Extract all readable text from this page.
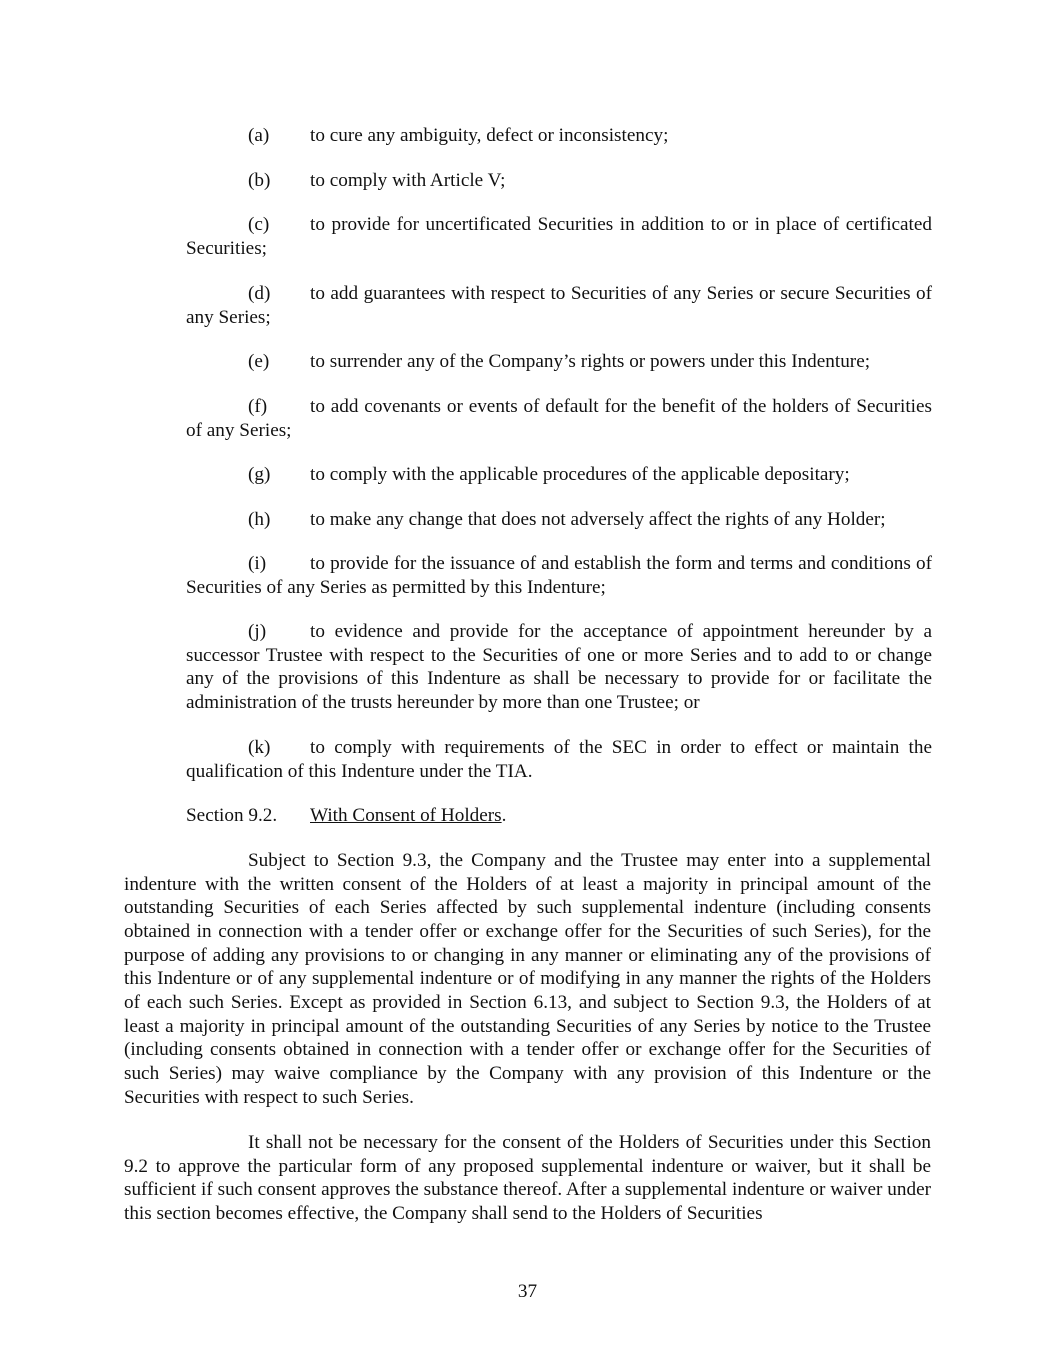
(a) to cure any ambiguity, defect or inconsistency;

(b) to comply with Article V;

(c) to provide for uncertificated Securities in addition to or in place of certificated Securities;

(d) to add guarantees with respect to Securities of any Series or secure Securities of any Series;

(e) to surrender any of the Company’s rights or powers under this Indenture;

(f) to add covenants or events of default for the benefit of the holders of Securities of any Series;

(g) to comply with the applicable procedures of the applicable depositary;

(h) to make any change that does not adversely affect the rights of any Holder;

(i) to provide for the issuance of and establish the form and terms and conditions of Securities of any Series as permitted by this Indenture;

(j) to evidence and provide for the acceptance of appointment hereunder by a successor Trustee with respect to the Securities of one or more Series and to add to or change any of the provisions of this Indenture as shall be necessary to provide for or facilitate the administration of the trusts hereunder by more than one Trustee; or

(k) to comply with requirements of the SEC in order to effect or maintain the qualification of this Indenture under the TIA.

Section 9.2. With Consent of Holders.

Subject to Section 9.3, the Company and the Trustee may enter into a supplemental indenture with the written consent of the Holders of at least a majority in principal amount of the outstanding Securities of each Series affected by such supplemental indenture (including consents obtained in connection with a tender offer or exchange offer for the Securities of such Series), for the purpose of adding any provisions to or changing in any manner or eliminating any of the provisions of this Indenture or of any supplemental indenture or of modifying in any manner the rights of the Holders of each such Series. Except as provided in Section 6.13, and subject to Section 9.3, the Holders of at least a majority in principal amount of the outstanding Securities of any Series by notice to the Trustee (including consents obtained in connection with a tender offer or exchange offer for the Securities of such Series) may waive compliance by the Company with any provision of this Indenture or the Securities with respect to such Series.

It shall not be necessary for the consent of the Holders of Securities under this Section 9.2 to approve the particular form of any proposed supplemental indenture or waiver, but it shall be sufficient if such consent approves the substance thereof. After a supplemental indenture or waiver under this section becomes effective, the Company shall send to the Holders of Securities

37
